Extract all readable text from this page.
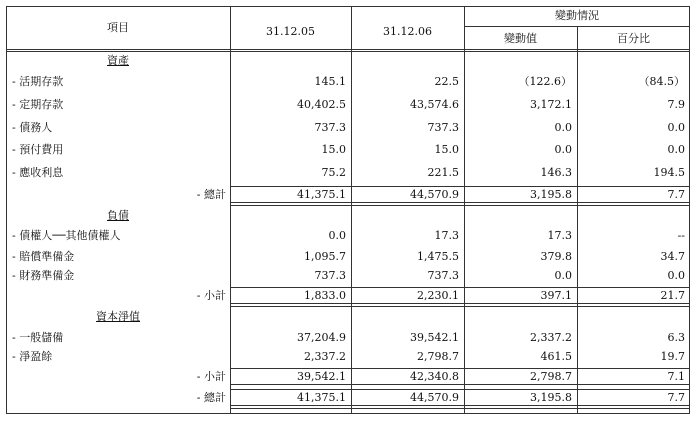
項目	31.12.05	31.12.06
變動情況
變動值	百分比
資產
- 活期存款	145.1	22.5	（122.6）	（84.5）
- 定期存款	40,402.5	43,574.6	3,172.1	7.9
- 債務人	737.3	737.3	0.0	0.0
- 預付費用	15.0	15.0	0.0	0.0
- 應收利息	75.2	221.5	146.3	194.5
- 總計	41,375.1	44,570.9	3,195.8	7.7
負債
- 債權人──其他債權人	0.0	17.3	17.3	--
- 賠償準備金	1,095.7	1,475.5	379.8	34.7
- 財務準備金	737.3	737.3	0.0	0.0
- 小計	1,833.0	2,230.1	397.1	21.7
資本淨值
- 一般儲備	37,204.9	39,542.1	2,337.2	6.3
- 淨盈餘	2,337.2	2,798.7	461.5	19.7
- 小計	39,542.1	42,340.8	2,798.7	7.1
- 總計	41,375.1	44,570.9	3,195.8	7.7
